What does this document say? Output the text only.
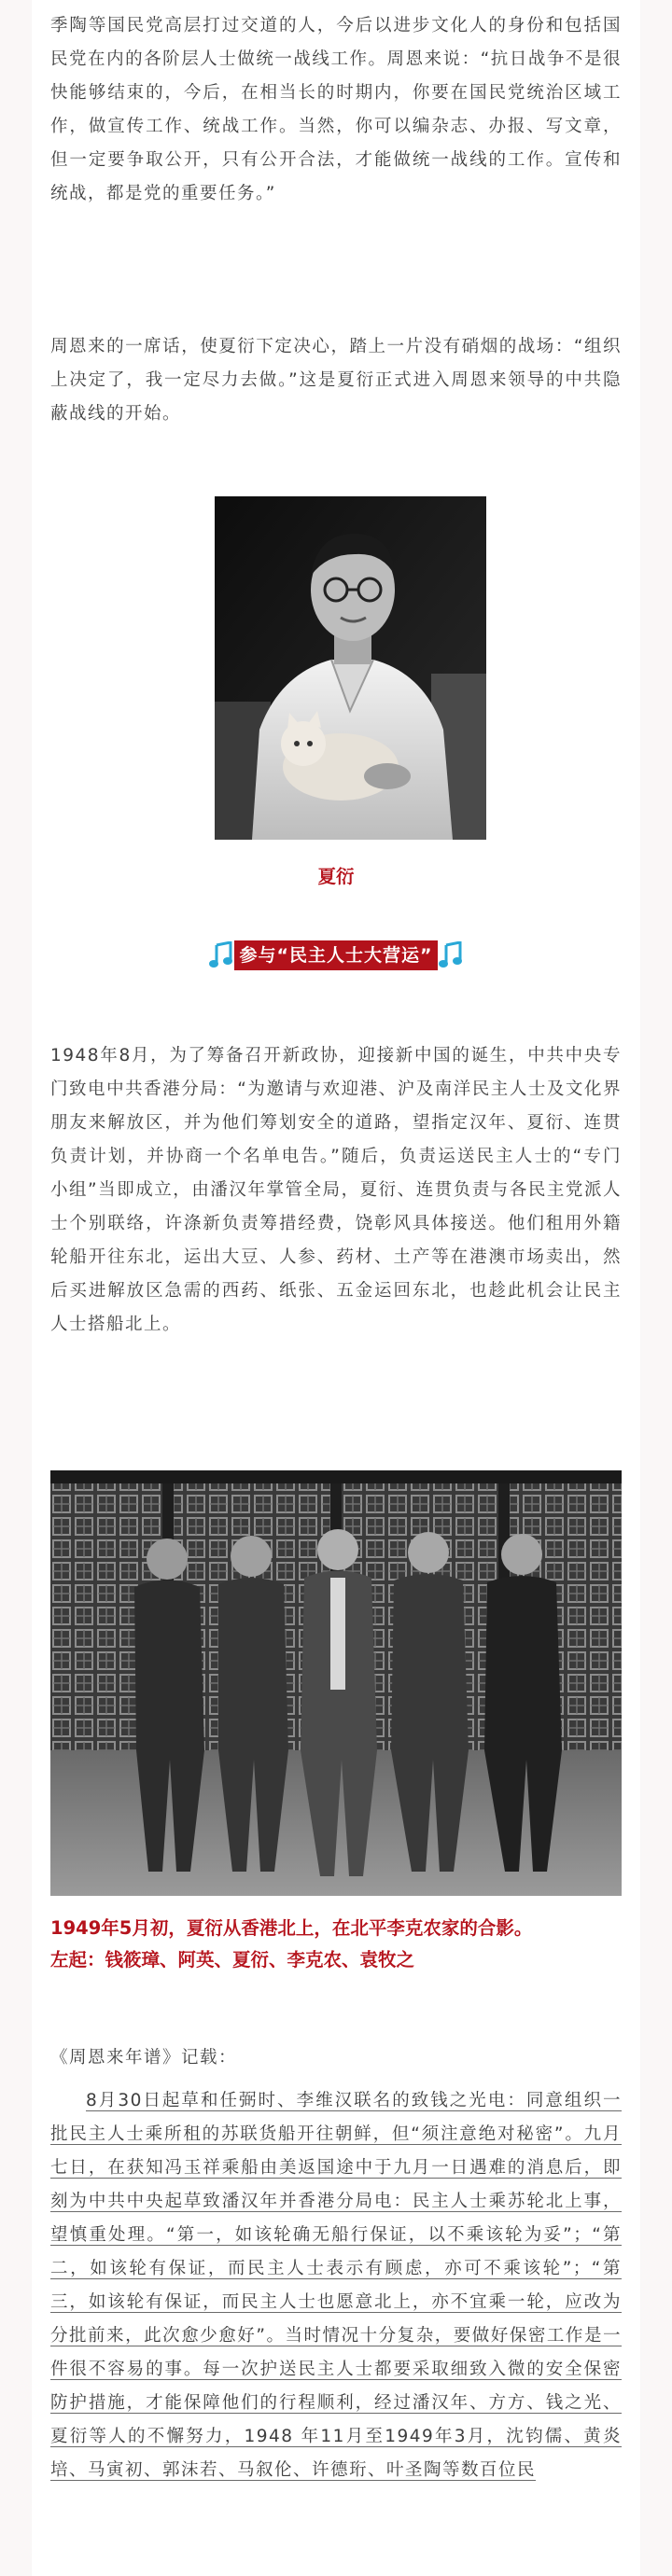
季陶等国民党高层打过交道的人，今后以进步文化人的身份和包括国民党在内的各阶层人士做统一战线工作。周恩来说：“抗日战争不是很快能够结束的，今后，在相当长的时期内，你要在国民党统治区域工作，做宣传工作、统战工作。当然，你可以编杂志、办报、写文章，但一定要争取公开，只有公开合法，才能做统一战线的工作。宣传和统战，都是党的重要任务。”

周恩来的一席话，使夏衍下定决心，踏上一片没有硝烟的战场：“组织上决定了，我一定尽力去做。”这是夏衍正式进入周恩来领导的中共隐蔽战线的开始。

夏衍
参与“民主人士大营运”

1948年8月，为了筹备召开新政协，迎接新中国的诞生，中共中央专门致电中共香港分局：“为邀请与欢迎港、沪及南洋民主人士及文化界朋友来解放区，并为他们筹划安全的道路，望指定汉年、夏衍、连贯负责计划，并协商一个名单电告。”随后，负责运送民主人士的“专门小组”当即成立，由潘汉年掌管全局，夏衍、连贯负责与各民主党派人士个别联络，许涤新负责筹措经费，饶彰风具体接送。他们租用外籍轮船开往东北，运出大豆、人参、药材、土产等在港澳市场卖出，然后买进解放区急需的西药、纸张、五金运回东北，也趁此机会让民主人士搭船北上。

1949年5月初，夏衍从香港北上，在北平李克农家的合影。
左起：钱筱璋、阿英、夏衍、李克农、袁牧之

《周恩来年谱》记载：

8月30日起草和任弼时、李维汉联名的致钱之光电：同意组织一批民主人士乘所租的苏联货船开往朝鲜，但“须注意绝对秘密”。九月七日，在获知冯玉祥乘船由美返国途中于九月一日遇难的消息后，即刻为中共中央起草致潘汉年并香港分局电：民主人士乘苏轮北上事，望慎重处理。“第一，如该轮确无船行保证，以不乘该轮为妥”；“第二，如该轮有保证，而民主人士表示有顾虑，亦可不乘该轮”；“第三，如该轮有保证，而民主人士也愿意北上，亦不宜乘一轮，应改为分批前来，此次愈少愈好”。当时情况十分复杂，要做好保密工作是一件很不容易的事。每一次护送民主人士都要采取细致入微的安全保密防护措施，才能保障他们的行程顺利，经过潘汉年、方方、钱之光、夏衍等人的不懈努力，1948 年11月至1949年3月，沈钧儒、黄炎培、马寅初、郭沫若、马叙伦、许德珩、叶圣陶等数百位民
